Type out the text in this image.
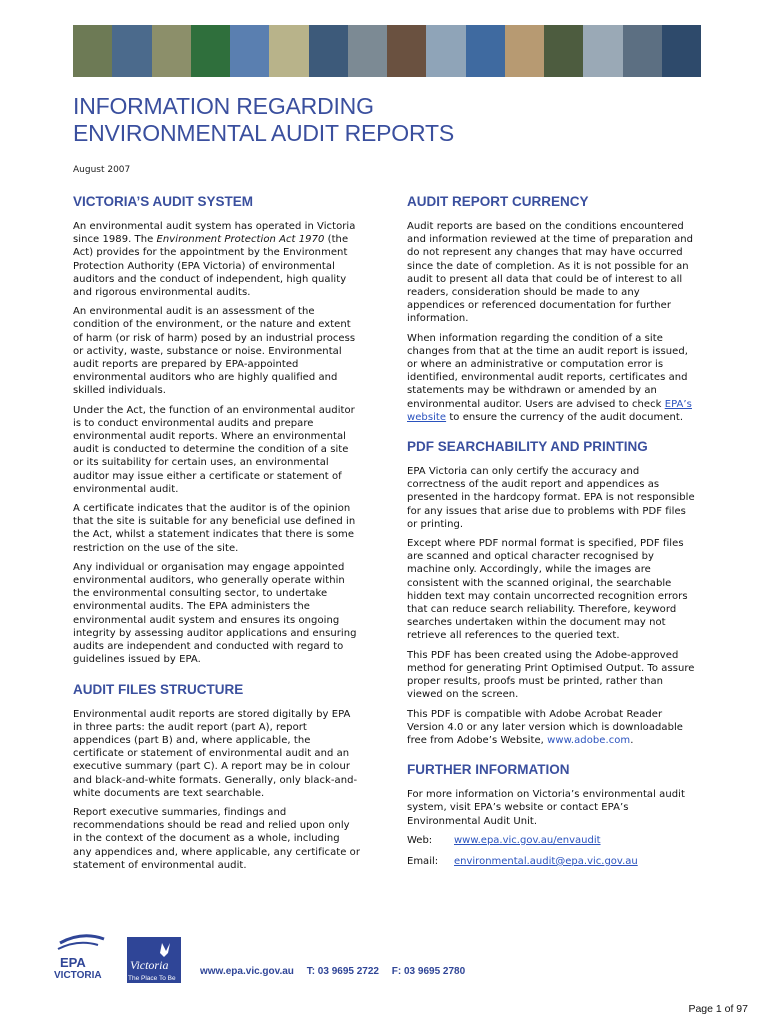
INFORMATION REGARDING
ENVIRONMENTAL AUDIT REPORTS
August 2007
VICTORIA’S AUDIT SYSTEM

An environmental audit system has operated in Victoria since 1989. The Environment Protection Act 1970 (the Act) provides for the appointment by the Environment Protection Authority (EPA Victoria) of environmental auditors and the conduct of independent, high quality and rigorous environmental audits.

An environmental audit is an assessment of the condition of the environment, or the nature and extent of harm (or risk of harm) posed by an industrial process or activity, waste, substance or noise. Environmental audit reports are prepared by EPA-appointed environmental auditors who are highly qualified and skilled individuals.

Under the Act, the function of an environmental auditor is to conduct environmental audits and prepare environmental audit reports. Where an environmental audit is conducted to determine the condition of a site or its suitability for certain uses, an environmental auditor may issue either a certificate or statement of environmental audit.

A certificate indicates that the auditor is of the opinion that the site is suitable for any beneficial use defined in the Act, whilst a statement indicates that there is some restriction on the use of the site.

Any individual or organisation may engage appointed environmental auditors, who generally operate within the environmental consulting sector, to undertake environmental audits. The EPA administers the environmental audit system and ensures its ongoing integrity by assessing auditor applications and ensuring audits are independent and conducted with regard to guidelines issued by EPA.

AUDIT FILES STRUCTURE

Environmental audit reports are stored digitally by EPA in three parts: the audit report (part A), report appendices (part B) and, where applicable, the certificate or statement of environmental audit and an executive summary (part C). A report may be in colour and black-and-white formats. Generally, only black-and-white documents are text searchable.

Report executive summaries, findings and recommendations should be read and relied upon only in the context of the document as a whole, including any appendices and, where applicable, any certificate or statement of environmental audit.

AUDIT REPORT CURRENCY

Audit reports are based on the conditions encountered and information reviewed at the time of preparation and do not represent any changes that may have occurred since the date of completion. As it is not possible for an audit to present all data that could be of interest to all readers, consideration should be made to any appendices or referenced documentation for further information.

When information regarding the condition of a site changes from that at the time an audit report is issued, or where an administrative or computation error is identified, environmental audit reports, certificates and statements may be withdrawn or amended by an environmental auditor. Users are advised to check EPA’s website to ensure the currency of the audit document.

PDF SEARCHABILITY AND PRINTING

EPA Victoria can only certify the accuracy and correctness of the audit report and appendices as presented in the hardcopy format. EPA is not responsible for any issues that arise due to problems with PDF files or printing.

Except where PDF normal format is specified, PDF files are scanned and optical character recognised by machine only. Accordingly, while the images are consistent with the scanned original, the searchable hidden text may contain uncorrected recognition errors that can reduce search reliability. Therefore, keyword searches undertaken within the document may not retrieve all references to the queried text.

This PDF has been created using the Adobe-approved method for generating Print Optimised Output. To assure proper results, proofs must be printed, rather than viewed on the screen.

This PDF is compatible with Adobe Acrobat Reader Version 4.0 or any later version which is downloadable free from Adobe’s Website, www.adobe.com.

FURTHER INFORMATION

For more information on Victoria’s environmental audit system, visit EPA’s website or contact EPA’s Environmental Audit Unit.

Web:	www.epa.vic.gov.au/envaudit
Email:	environmental.audit@epa.vic.gov.au
EPA
VICTORIA
Victoria
The Place To Be
www.epa.vic.gov.au T: 03 9695 2722 F: 03 9695 2780
Page 1 of 97
